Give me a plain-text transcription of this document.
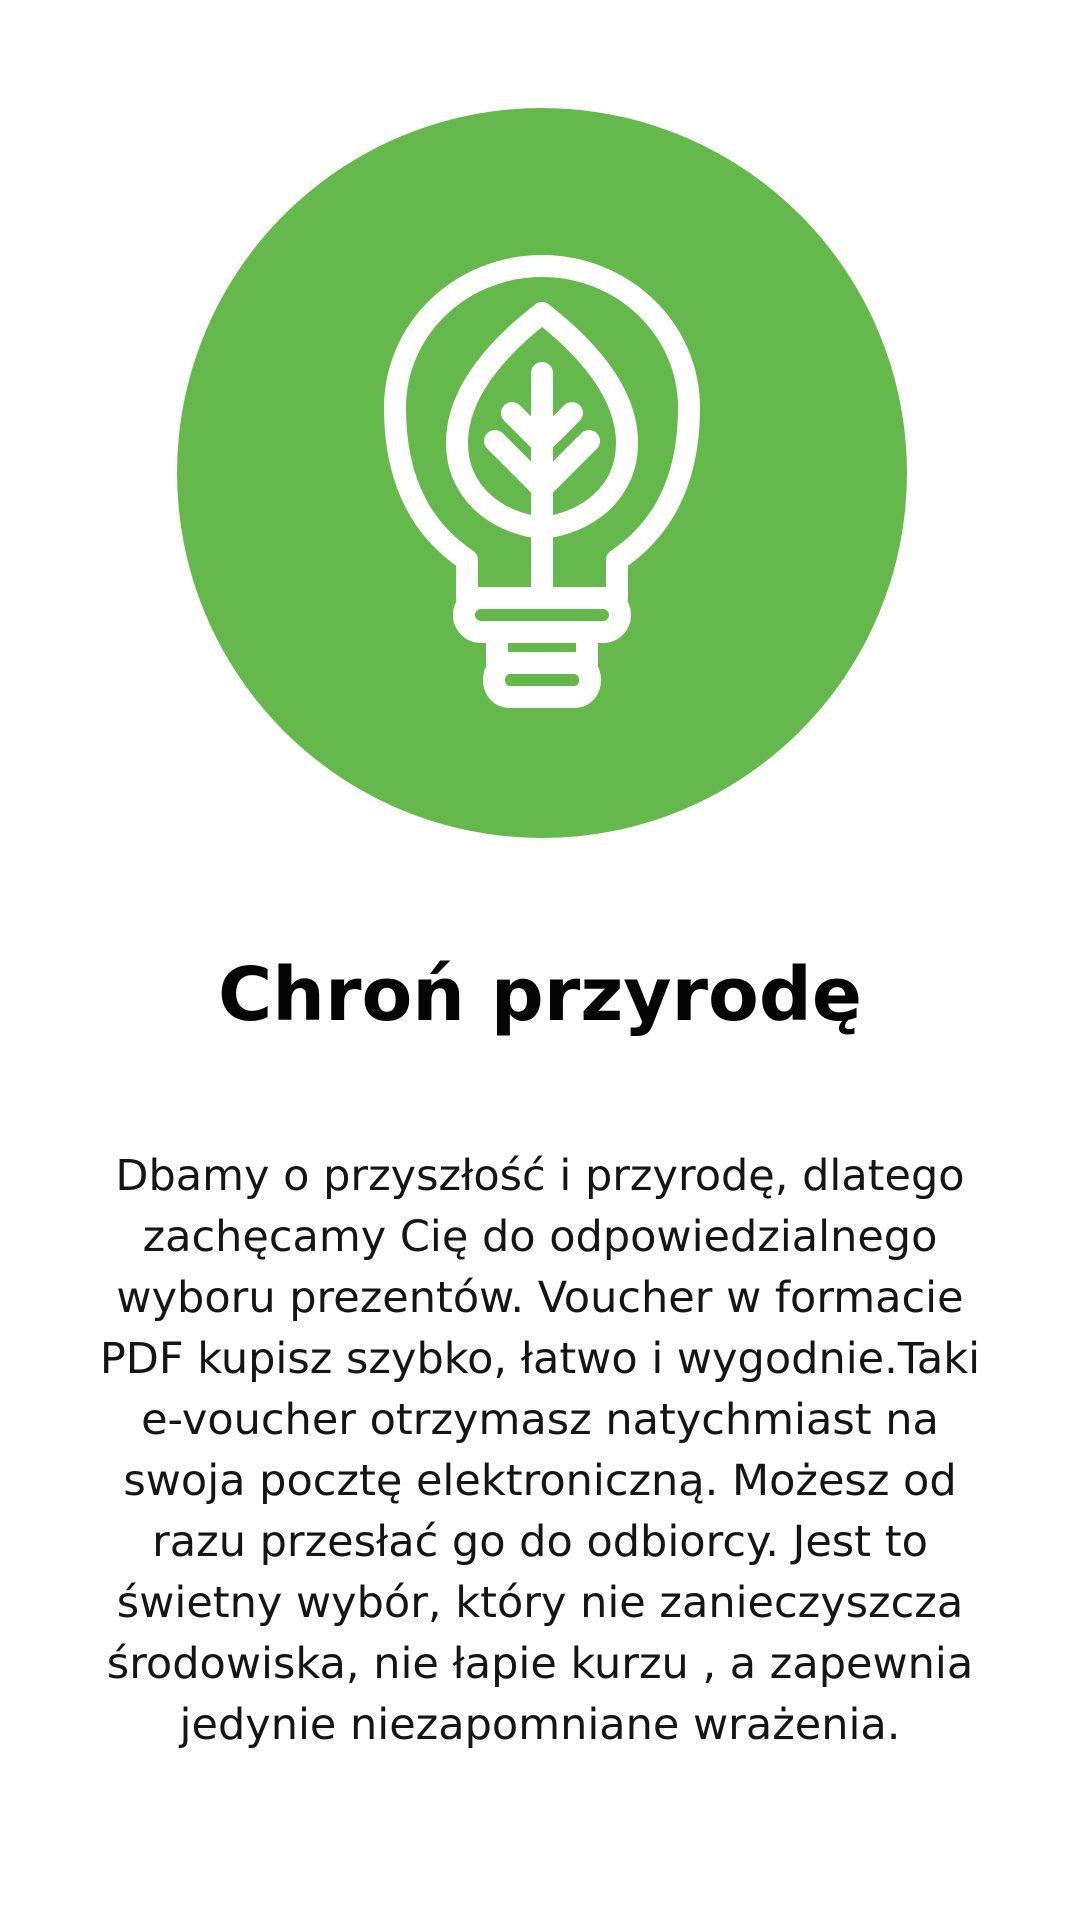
Chroń przyrodę

Dbamy o przyszłość i przyrodę, dlatego zachęcamy Cię do odpowiedzialnego wyboru prezentów. Voucher w formacie PDF kupisz szybko, łatwo i wygodnie.Taki e-voucher otrzymasz natychmiast na swoja pocztę elektroniczną. Możesz od razu przesłać go do odbiorcy. Jest to świetny wybór, który nie zanieczyszcza środowiska, nie łapie kurzu , a zapewnia jedynie niezapomniane wrażenia.
